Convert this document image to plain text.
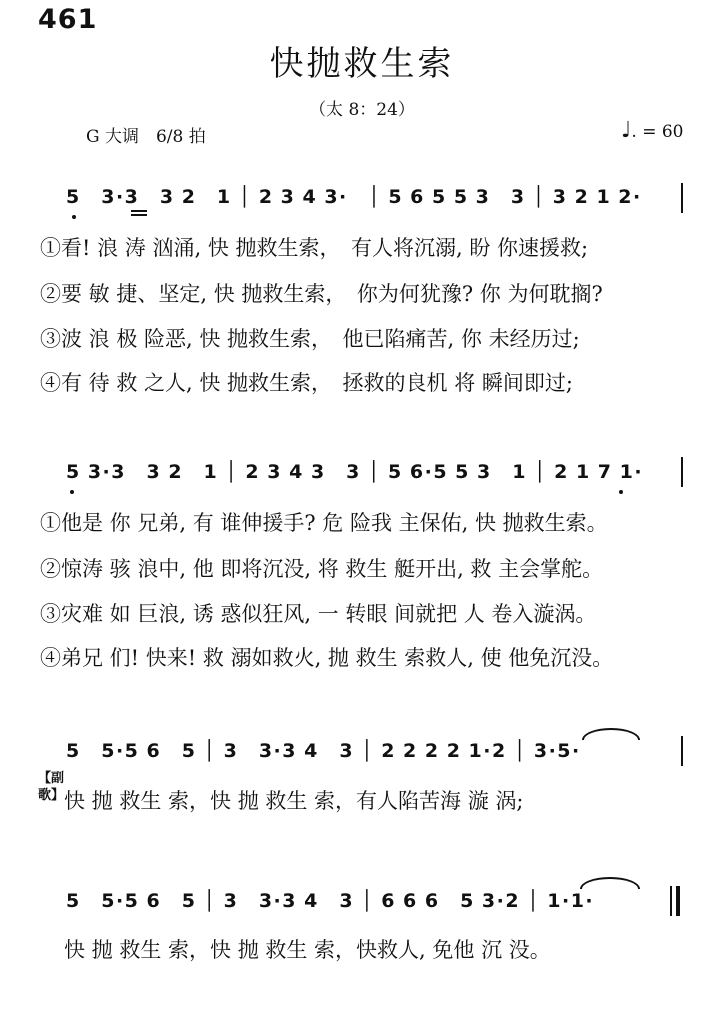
461
快抛救生索
（太 8：24）
G 大调　6/8 拍	♩. = 60
5　3·3　3 2　1 │ 2 3 4 3·　│ 5 6 5 5 3　3 │ 3 2 1 2·
①看! 浪 涛 汹涌, 快 抛救生索，　有人将沉溺, 盼 你速援救;
②要 敏 捷、坚定, 快 抛救生索，　你为何犹豫? 你 为何耽搁?
③波 浪 极 险恶, 快 抛救生索，　他已陷痛苦, 你 未经历过;
④有 待 救 之人, 快 抛救生索，　拯救的良机 将 瞬间即过;
5 3·3　3 2　1 │ 2 3 4 3　3 │ 5 6·5 5 3　1 │ 2 1 7 1·
①他是 你 兄弟, 有 谁伸援手? 危 险我 主保佑, 快 抛救生索。
②惊涛 骇 浪中, 他 即将沉没, 将 救生 艇开出, 救 主会掌舵。
③灾难 如 巨浪, 诱 惑似狂风, 一 转眼 间就把 人 卷入漩涡。
④弟兄 们! 快来! 救 溺如救火, 抛 救生 索救人, 使 他免沉没。
5　5·5 6　5 │ 3　3·3 4　3 │ 2 2 2 2 1·2 │ 3·5·
【副歌】 快 抛 救生 索，快 抛 救生 索，有人陷苦海 漩 涡;
5　5·5 6　5 │ 3　3·3 4　3 │ 6 6 6　5 3·2 │ 1·1·
快 抛 救生 索，快 抛 救生 索，快救人, 免他 沉 没。
